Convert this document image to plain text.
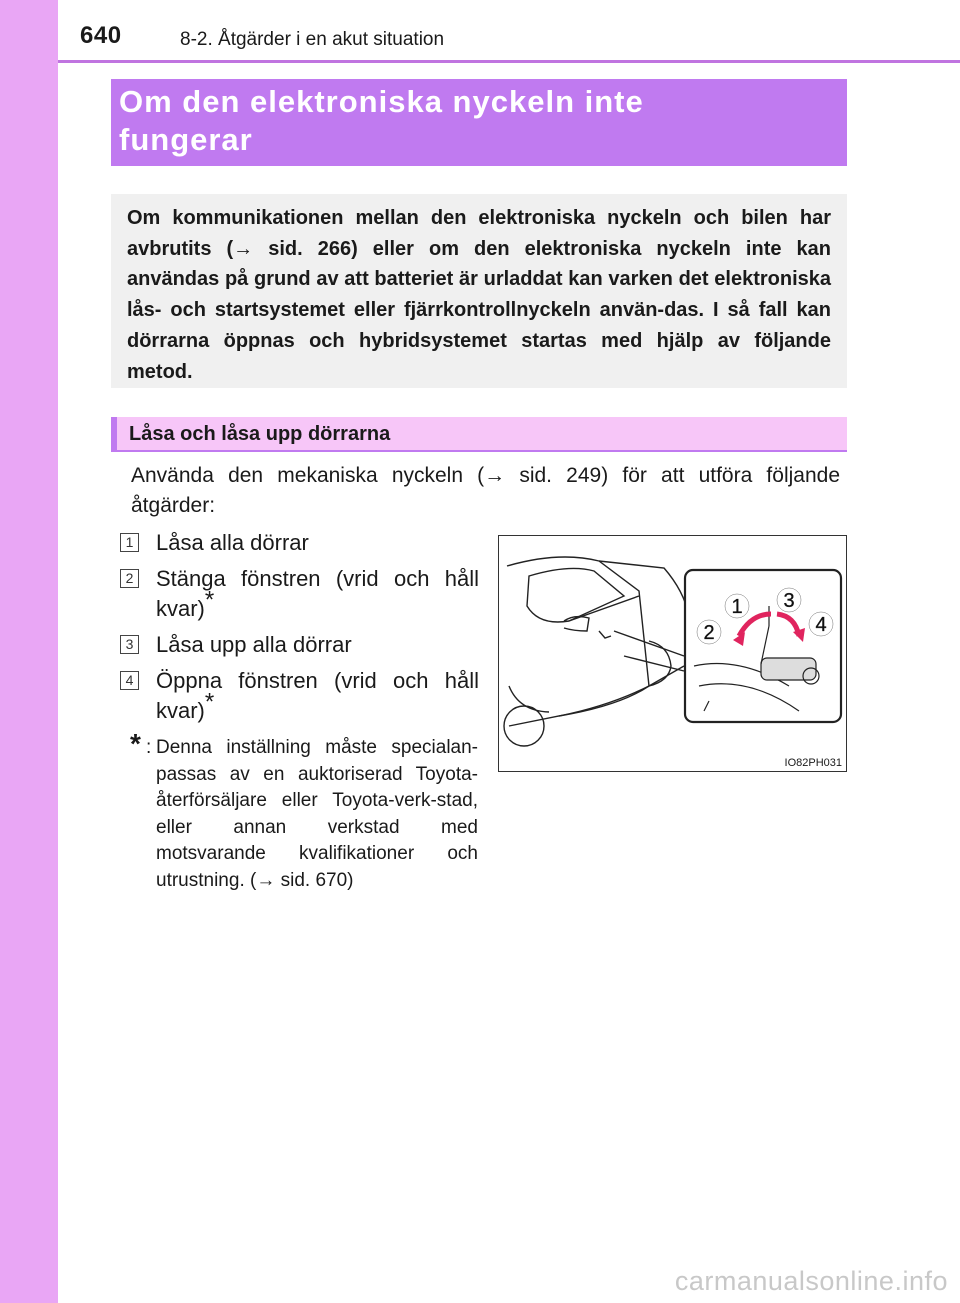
640	8-2. Åtgärder i en akut situation
Om den elektroniska nyckeln inte fungerar
Om kommunikationen mellan den elektroniska nyckeln och bilen har avbrutits (→ sid. 266) eller om den elektroniska nyckeln inte kan användas på grund av att batteriet är urladdat kan varken det elektroniska lås- och startsystemet eller fjärrkontrollnyckeln använ-das. I så fall kan dörrarna öppnas och hybridsystemet startas med hjälp av följande metod.
Låsa och låsa upp dörrarna
Använda den mekaniska nyckeln (→ sid. 249) för att utföra följande åtgärder:
1 Låsa alla dörrar
2 Stänga fönstren (vrid och håll kvar)*
3 Låsa upp alla dörrar
4 Öppna fönstren (vrid och håll kvar)*
* : Denna inställning måste specialan-passas av en auktoriserad Toyota-återförsäljare eller Toyota-verk-stad, eller annan verkstad med motsvarande kvalifikationer och utrustning. (→ sid. 670)
1
2
3
4
IO82PH031
carmanualsonline.info
